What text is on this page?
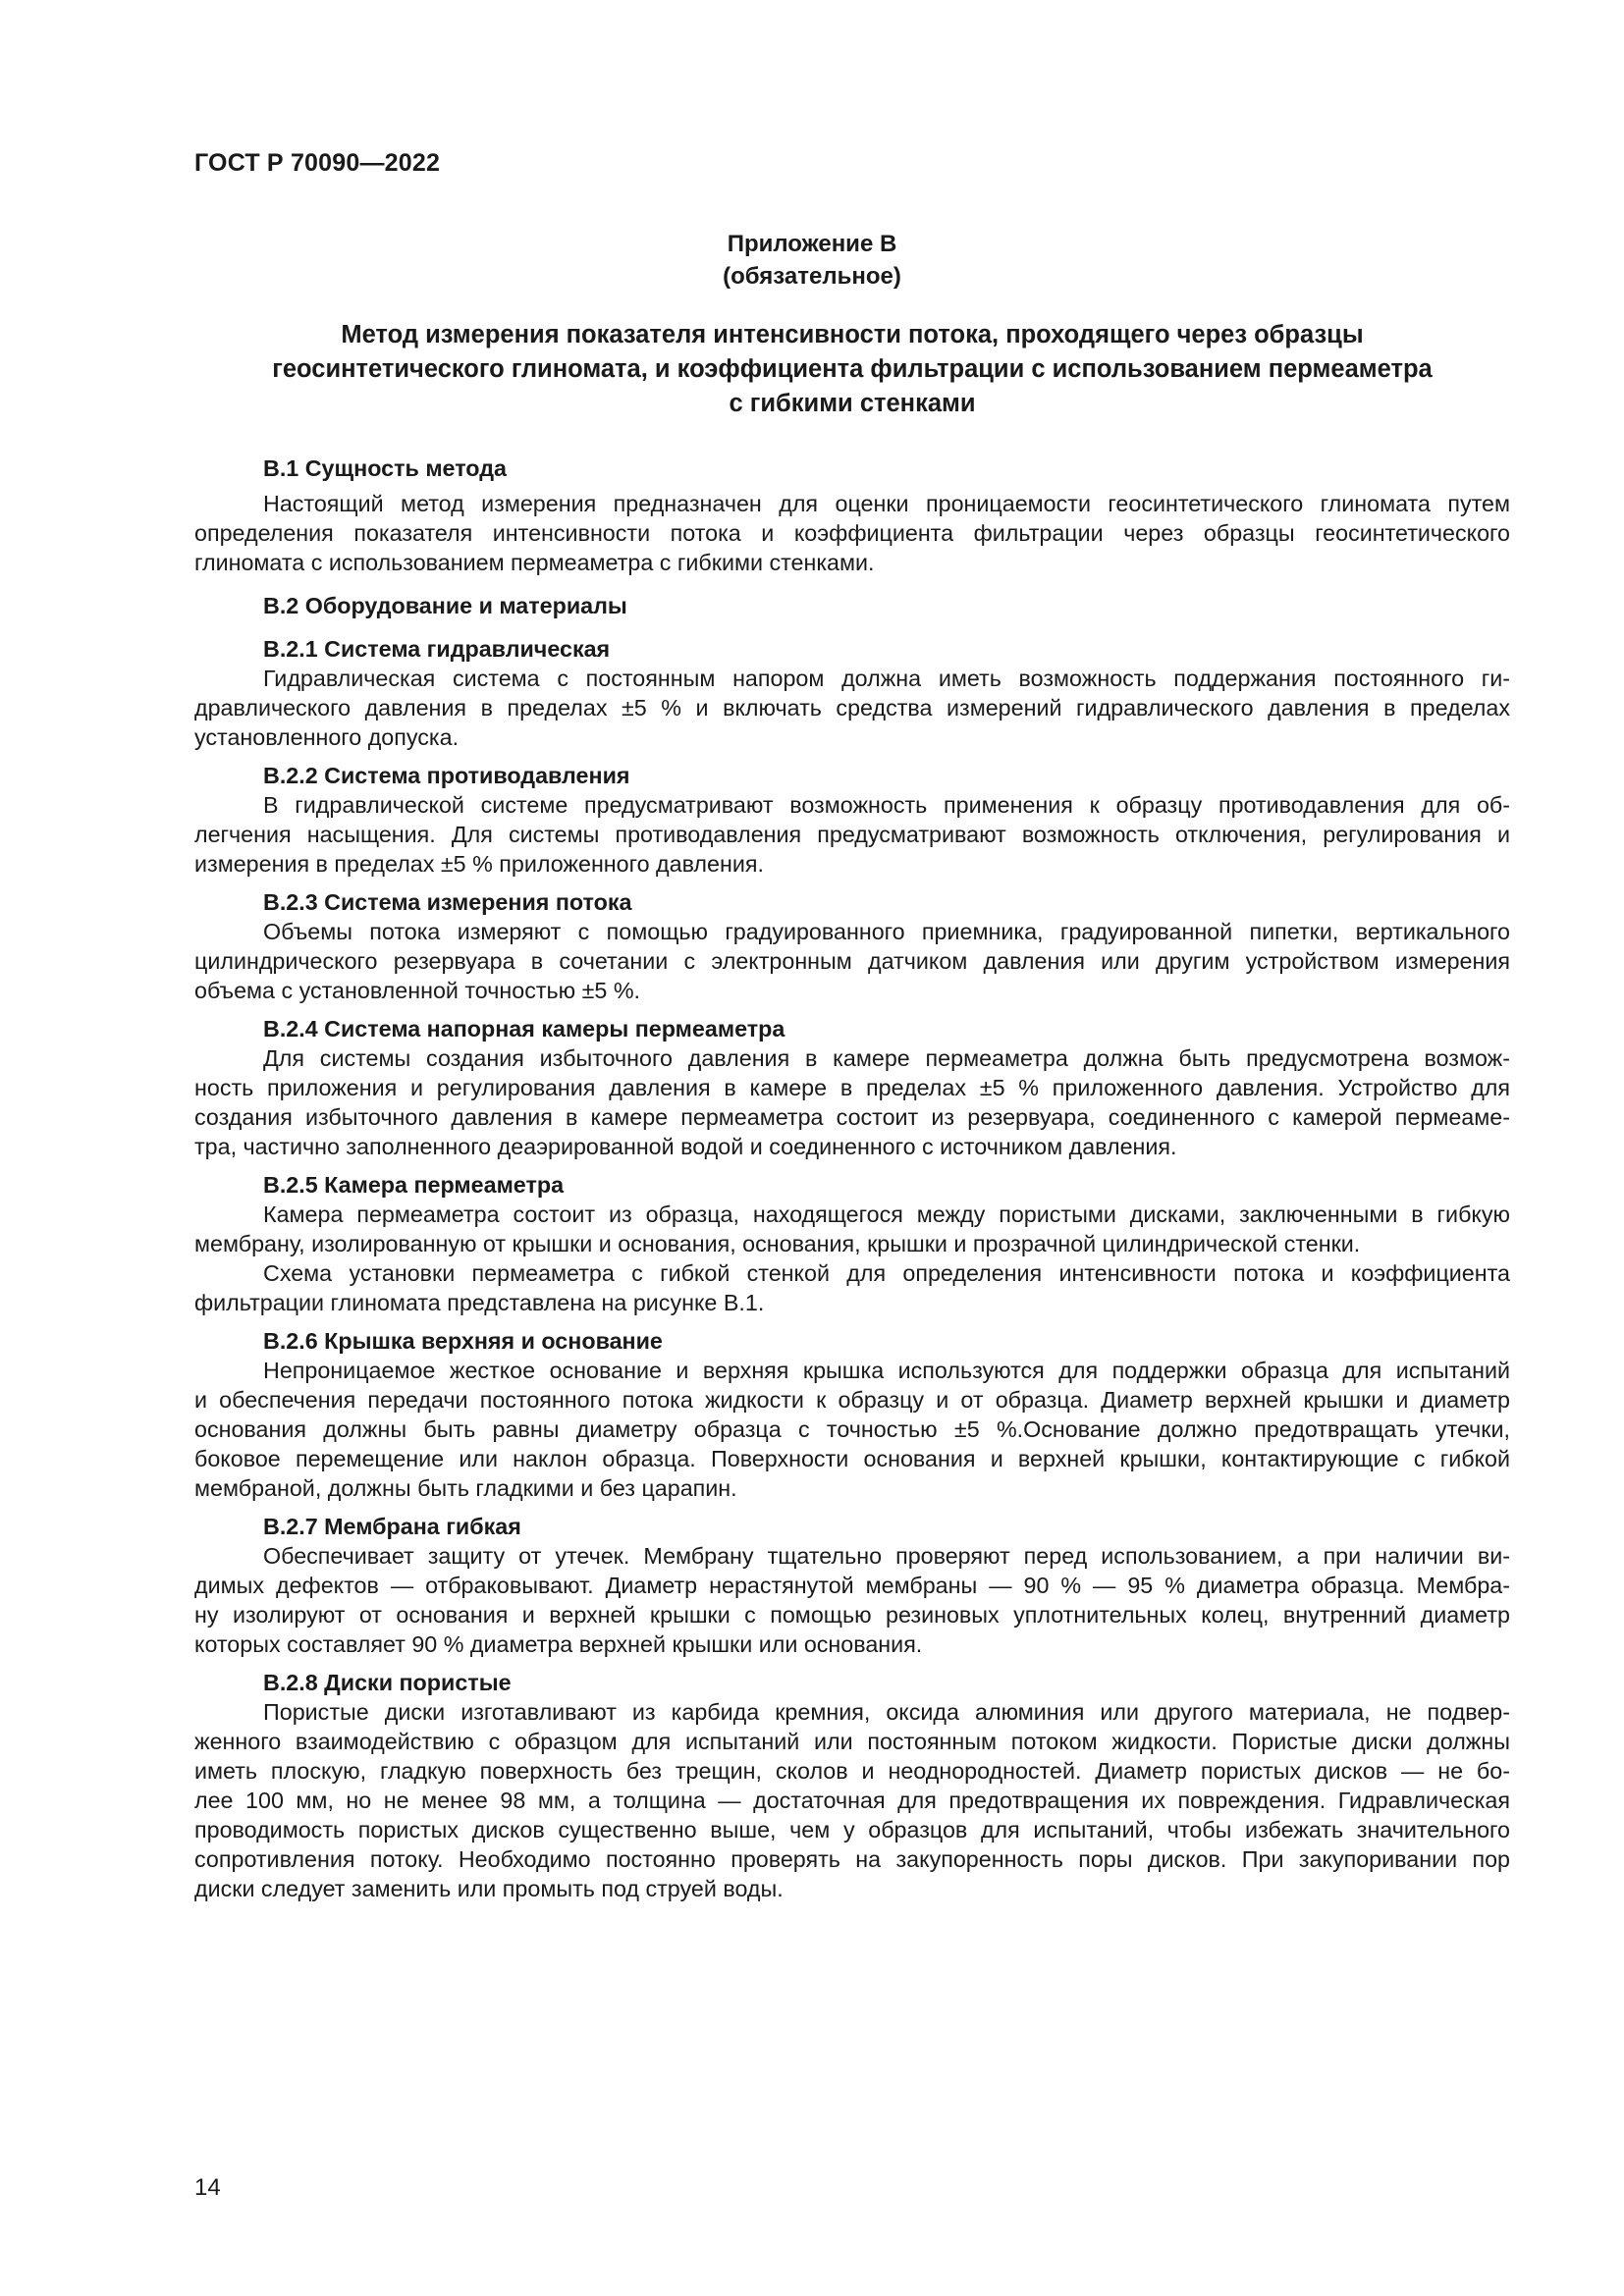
ГОСТ Р 70090—2022
Приложение В
(обязательное)
Метод измерения показателя интенсивности потока, проходящего через образцы
геосинтетического глиномата, и коэффициента фильтрации с использованием пермеаметра
с гибкими стенками
В.1 Сущность метода
Настоящий метод измерения предназначен для оценки проницаемости геосинтетического глиномата путем
определения показателя интенсивности потока и коэффициента фильтрации через образцы геосинтетического
глиномата с использованием пермеаметра с гибкими стенками.
В.2 Оборудование и материалы
В.2.1 Система гидравлическая
Гидравлическая система с постоянным напором должна иметь возможность поддержания постоянного ги-
дравлического давления в пределах ±5 % и включать средства измерений гидравлического давления в пределах
установленного допуска.
В.2.2 Система противодавления
В гидравлической системе предусматривают возможность применения к образцу противодавления для об-
легчения насыщения. Для системы противодавления предусматривают возможность отключения, регулирования и
измерения в пределах ±5 % приложенного давления.
В.2.3 Система измерения потока
Объемы потока измеряют с помощью градуированного приемника, градуированной пипетки, вертикального
цилиндрического резервуара в сочетании с электронным датчиком давления или другим устройством измерения
объема с установленной точностью ±5 %.
В.2.4 Система напорная камеры пермеаметра
Для системы создания избыточного давления в камере пермеаметра должна быть предусмотрена возмож-
ность приложения и регулирования давления в камере в пределах ±5 % приложенного давления. Устройство для
создания избыточного давления в камере пермеаметра состоит из резервуара, соединенного с камерой пермеаме-
тра, частично заполненного деаэрированной водой и соединенного с источником давления.
В.2.5 Камера пермеаметра
Камера пермеаметра состоит из образца, находящегося между пористыми дисками, заключенными в гибкую
мембрану, изолированную от крышки и основания, основания, крышки и прозрачной цилиндрической стенки.
Схема установки пермеаметра с гибкой стенкой для определения интенсивности потока и коэффициента
фильтрации глиномата представлена на рисунке В.1.
В.2.6 Крышка верхняя и основание
Непроницаемое жесткое основание и верхняя крышка используются для поддержки образца для испытаний
и обеспечения передачи постоянного потока жидкости к образцу и от образца. Диаметр верхней крышки и диаметр
основания должны быть равны диаметру образца с точностью ±5 %.Основание должно предотвращать утечки,
боковое перемещение или наклон образца. Поверхности основания и верхней крышки, контактирующие с гибкой
мембраной, должны быть гладкими и без царапин.
В.2.7 Мембрана гибкая
Обеспечивает защиту от утечек. Мембрану тщательно проверяют перед использованием, а при наличии ви-
димых дефектов — отбраковывают. Диаметр нерастянутой мембраны — 90 % — 95 % диаметра образца. Мембра-
ну изолируют от основания и верхней крышки с помощью резиновых уплотнительных колец, внутренний диаметр
которых составляет 90 % диаметра верхней крышки или основания.
В.2.8 Диски пористые
Пористые диски изготавливают из карбида кремния, оксида алюминия или другого материала, не подвер-
женного взаимодействию с образцом для испытаний или постоянным потоком жидкости. Пористые диски должны
иметь плоскую, гладкую поверхность без трещин, сколов и неоднородностей. Диаметр пористых дисков — не бо-
лее 100 мм, но не менее 98 мм, а толщина — достаточная для предотвращения их повреждения. Гидравлическая
проводимость пористых дисков существенно выше, чем у образцов для испытаний, чтобы избежать значительного
сопротивления потоку. Необходимо постоянно проверять на закупоренность поры дисков. При закупоривании пор
диски следует заменить или промыть под струей воды.
14
